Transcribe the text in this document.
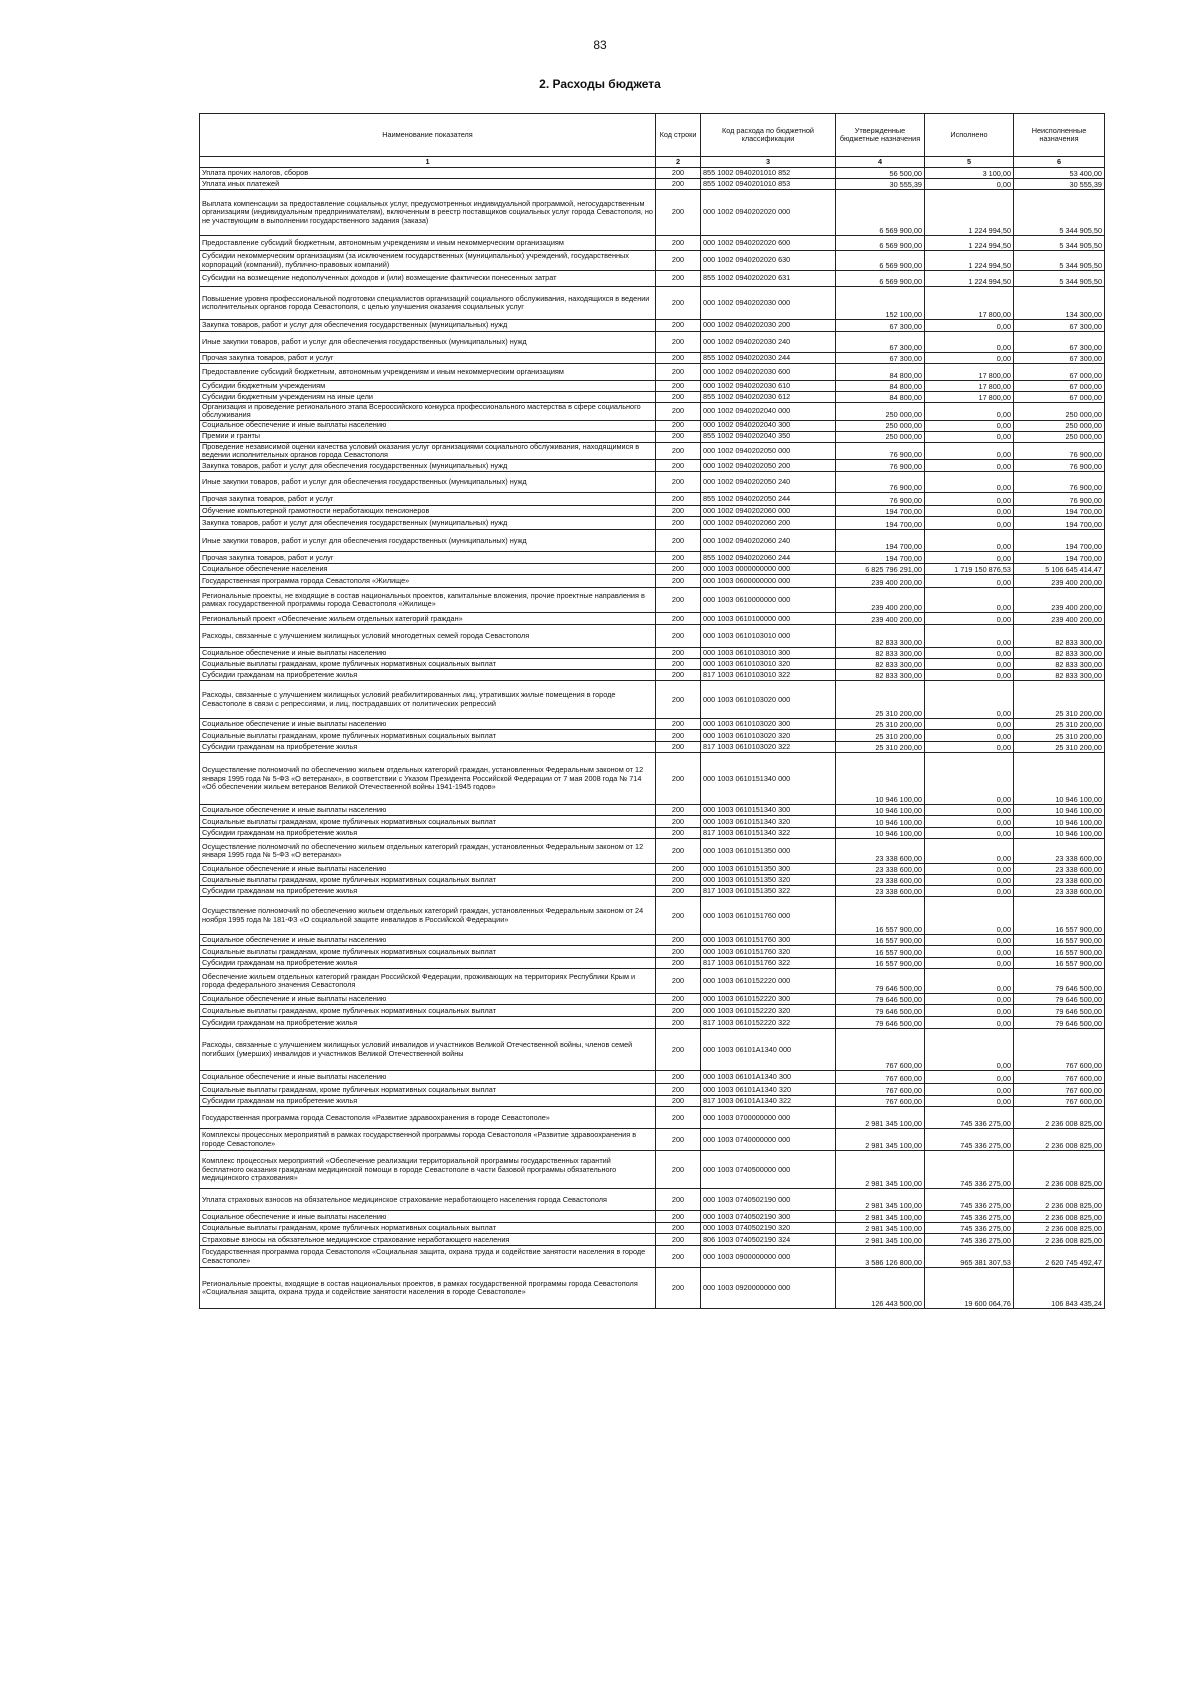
83
2. Расходы бюджета
Наименование показателя	Код строки	Код расхода по бюджетной классификации	Утвержденные бюджетные назначения	Исполнено	Неисполненные назначения
1	2	3	4	5	6
Уплата прочих налогов, сборов	200	855 1002 0940201010 852	56 500,00	3 100,00	53 400,00
Уплата иных платежей	200	855 1002 0940201010 853	30 555,39	0,00	30 555,39
Выплата компенсации за предоставление социальных услуг, предусмотренных индивидуальной программой, негосударственным организациям (индивидуальным предпринимателям), включенным в реестр поставщиков социальных услуг города Севастополя, но не участвующим в выполнении государственного задания (заказа)	200	000 1002 0940202020 000	6 569 900,00	1 224 994,50	5 344 905,50
Предоставление субсидий бюджетным, автономным учреждениям и иным некоммерческим организациям	200	000 1002 0940202020 600	6 569 900,00	1 224 994,50	5 344 905,50
Субсидии некоммерческим организациям (за исключением государственных (муниципальных) учреждений, государственных корпораций (компаний), публично-правовых компаний)	200	000 1002 0940202020 630	6 569 900,00	1 224 994,50	5 344 905,50
Субсидии на возмещение недополученных доходов и (или) возмещение фактически понесенных затрат	200	855 1002 0940202020 631	6 569 900,00	1 224 994,50	5 344 905,50
Повышение уровня профессиональной подготовки специалистов организаций социального обслуживания, находящихся в ведении исполнительных органов города Севастополя, с целью улучшения оказания социальных услуг	200	000 1002 0940202030 000	152 100,00	17 800,00	134 300,00
Закупка товаров, работ и услуг для обеспечения государственных (муниципальных) нужд	200	000 1002 0940202030 200	67 300,00	0,00	67 300,00
Иные закупки товаров, работ и услуг для обеспечения государственных (муниципальных) нужд	200	000 1002 0940202030 240	67 300,00	0,00	67 300,00
Прочая закупка товаров, работ и услуг	200	855 1002 0940202030 244	67 300,00	0,00	67 300,00
Предоставление субсидий бюджетным, автономным учреждениям и иным некоммерческим организациям	200	000 1002 0940202030 600	84 800,00	17 800,00	67 000,00
Субсидии бюджетным учреждениям	200	000 1002 0940202030 610	84 800,00	17 800,00	67 000,00
Субсидии бюджетным учреждениям на иные цели	200	855 1002 0940202030 612	84 800,00	17 800,00	67 000,00
Организация и проведение регионального этапа Всероссийского конкурса профессионального мастерства в сфере социального обслуживания	200	000 1002 0940202040 000	250 000,00	0,00	250 000,00
Социальное обеспечение и иные выплаты населению	200	000 1002 0940202040 300	250 000,00	0,00	250 000,00
Премии и гранты	200	855 1002 0940202040 350	250 000,00	0,00	250 000,00
Проведение независимой оценки качества условий оказания услуг организациями социального обслуживания, находящимися в ведении исполнительных органов города Севастополя	200	000 1002 0940202050 000	76 900,00	0,00	76 900,00
Закупка товаров, работ и услуг для обеспечения государственных (муниципальных) нужд	200	000 1002 0940202050 200	76 900,00	0,00	76 900,00
Иные закупки товаров, работ и услуг для обеспечения государственных (муниципальных) нужд	200	000 1002 0940202050 240	76 900,00	0,00	76 900,00
Прочая закупка товаров, работ и услуг	200	855 1002 0940202050 244	76 900,00	0,00	76 900,00
Обучение компьютерной грамотности неработающих пенсионеров	200	000 1002 0940202060 000	194 700,00	0,00	194 700,00
Закупка товаров, работ и услуг для обеспечения государственных (муниципальных) нужд	200	000 1002 0940202060 200	194 700,00	0,00	194 700,00
Иные закупки товаров, работ и услуг для обеспечения государственных (муниципальных) нужд	200	000 1002 0940202060 240	194 700,00	0,00	194 700,00
Прочая закупка товаров, работ и услуг	200	855 1002 0940202060 244	194 700,00	0,00	194 700,00
Социальное обеспечение населения	200	000 1003 0000000000 000	6 825 796 291,00	1 719 150 876,53	5 106 645 414,47
Государственная программа города Севастополя «Жилище»	200	000 1003 0600000000 000	239 400 200,00	0,00	239 400 200,00
Региональные проекты, не входящие в состав национальных проектов, капитальные вложения, прочие проектные направления в рамках государственной программы города Севастополя «Жилище»	200	000 1003 0610000000 000	239 400 200,00	0,00	239 400 200,00
Региональный проект «Обеспечение жильем отдельных категорий граждан»	200	000 1003 0610100000 000	239 400 200,00	0,00	239 400 200,00
Расходы, связанные с улучшением жилищных условий многодетных семей города Севастополя	200	000 1003 0610103010 000	82 833 300,00	0,00	82 833 300,00
Социальное обеспечение и иные выплаты населению	200	000 1003 0610103010 300	82 833 300,00	0,00	82 833 300,00
Социальные выплаты гражданам, кроме публичных нормативных социальных выплат	200	000 1003 0610103010 320	82 833 300,00	0,00	82 833 300,00
Субсидии гражданам на приобретение жилья	200	817 1003 0610103010 322	82 833 300,00	0,00	82 833 300,00
Расходы, связанные с улучшением жилищных условий реабилитированных лиц, утративших жилые помещения в городе Севастополе в связи с репрессиями, и лиц, пострадавших от политических репрессий	200	000 1003 0610103020 000	25 310 200,00	0,00	25 310 200,00
Социальное обеспечение и иные выплаты населению	200	000 1003 0610103020 300	25 310 200,00	0,00	25 310 200,00
Социальные выплаты гражданам, кроме публичных нормативных социальных выплат	200	000 1003 0610103020 320	25 310 200,00	0,00	25 310 200,00
Субсидии гражданам на приобретение жилья	200	817 1003 0610103020 322	25 310 200,00	0,00	25 310 200,00
Осуществление полномочий по обеспечению жильем отдельных категорий граждан, установленных Федеральным законом от 12 января 1995 года № 5-ФЗ «О ветеранах», в соответствии с Указом Президента Российской Федерации от 7 мая 2008 года № 714 «Об обеспечении жильем ветеранов Великой Отечественной войны 1941-1945 годов»	200	000 1003 0610151340 000	10 946 100,00	0,00	10 946 100,00
Социальное обеспечение и иные выплаты населению	200	000 1003 0610151340 300	10 946 100,00	0,00	10 946 100,00
Социальные выплаты гражданам, кроме публичных нормативных социальных выплат	200	000 1003 0610151340 320	10 946 100,00	0,00	10 946 100,00
Субсидии гражданам на приобретение жилья	200	817 1003 0610151340 322	10 946 100,00	0,00	10 946 100,00
Осуществление полномочий по обеспечению жильем отдельных категорий граждан, установленных Федеральным законом от 12 января 1995 года № 5-ФЗ «О ветеранах»	200	000 1003 0610151350 000	23 338 600,00	0,00	23 338 600,00
Социальное обеспечение и иные выплаты населению	200	000 1003 0610151350 300	23 338 600,00	0,00	23 338 600,00
Социальные выплаты гражданам, кроме публичных нормативных социальных выплат	200	000 1003 0610151350 320	23 338 600,00	0,00	23 338 600,00
Субсидии гражданам на приобретение жилья	200	817 1003 0610151350 322	23 338 600,00	0,00	23 338 600,00
Осуществление полномочий по обеспечению жильем отдельных категорий граждан, установленных Федеральным законом от 24 ноября 1995 года № 181-ФЗ «О социальной защите инвалидов в Российской Федерации»	200	000 1003 0610151760 000	16 557 900,00	0,00	16 557 900,00
Социальное обеспечение и иные выплаты населению	200	000 1003 0610151760 300	16 557 900,00	0,00	16 557 900,00
Социальные выплаты гражданам, кроме публичных нормативных социальных выплат	200	000 1003 0610151760 320	16 557 900,00	0,00	16 557 900,00
Субсидии гражданам на приобретение жилья	200	817 1003 0610151760 322	16 557 900,00	0,00	16 557 900,00
Обеспечение жильем отдельных категорий граждан Российской Федерации, проживающих на территориях Республики Крым и города федерального значения Севастополя	200	000 1003 0610152220 000	79 646 500,00	0,00	79 646 500,00
Социальное обеспечение и иные выплаты населению	200	000 1003 0610152220 300	79 646 500,00	0,00	79 646 500,00
Социальные выплаты гражданам, кроме публичных нормативных социальных выплат	200	000 1003 0610152220 320	79 646 500,00	0,00	79 646 500,00
Субсидии гражданам на приобретение жилья	200	817 1003 0610152220 322	79 646 500,00	0,00	79 646 500,00
Расходы, связанные с улучшением жилищных условий инвалидов и участников Великой Отечественной войны, членов семей погибших (умерших) инвалидов и участников Великой Отечественной войны	200	000 1003 06101A1340 000	767 600,00	0,00	767 600,00
Социальное обеспечение и иные выплаты населению	200	000 1003 06101A1340 300	767 600,00	0,00	767 600,00
Социальные выплаты гражданам, кроме публичных нормативных социальных выплат	200	000 1003 06101A1340 320	767 600,00	0,00	767 600,00
Субсидии гражданам на приобретение жилья	200	817 1003 06101A1340 322	767 600,00	0,00	767 600,00
Государственная программа города Севастополя «Развитие здравоохранения в городе Севастополе»	200	000 1003 0700000000 000	2 981 345 100,00	745 336 275,00	2 236 008 825,00
Комплексы процессных мероприятий в рамках государственной программы города Севастополя «Развитие здравоохранения в городе Севастополе»	200	000 1003 0740000000 000	2 981 345 100,00	745 336 275,00	2 236 008 825,00
Комплекс процессных мероприятий «Обеспечение реализации территориальной программы государственных гарантий бесплатного оказания гражданам медицинской помощи в городе Севастополе в части базовой программы обязательного медицинского страхования»	200	000 1003 0740500000 000	2 981 345 100,00	745 336 275,00	2 236 008 825,00
Уплата страховых взносов на обязательное медицинское страхование неработающего населения города Севастополя	200	000 1003 0740502190 000	2 981 345 100,00	745 336 275,00	2 236 008 825,00
Социальное обеспечение и иные выплаты населению	200	000 1003 0740502190 300	2 981 345 100,00	745 336 275,00	2 236 008 825,00
Социальные выплаты гражданам, кроме публичных нормативных социальных выплат	200	000 1003 0740502190 320	2 981 345 100,00	745 336 275,00	2 236 008 825,00
Страховые взносы на обязательное медицинское страхование неработающего населения	200	806 1003 0740502190 324	2 981 345 100,00	745 336 275,00	2 236 008 825,00
Государственная программа города Севастополя «Социальная защита, охрана труда и содействие занятости населения в городе Севастополе»	200	000 1003 0900000000 000	3 586 126 800,00	965 381 307,53	2 620 745 492,47
Региональные проекты, входящие в состав национальных проектов, в рамках государственной программы города Севастополя «Социальная защита, охрана труда и содействие занятости населения в городе Севастополе»	200	000 1003 0920000000 000	126 443 500,00	19 600 064,76	106 843 435,24
